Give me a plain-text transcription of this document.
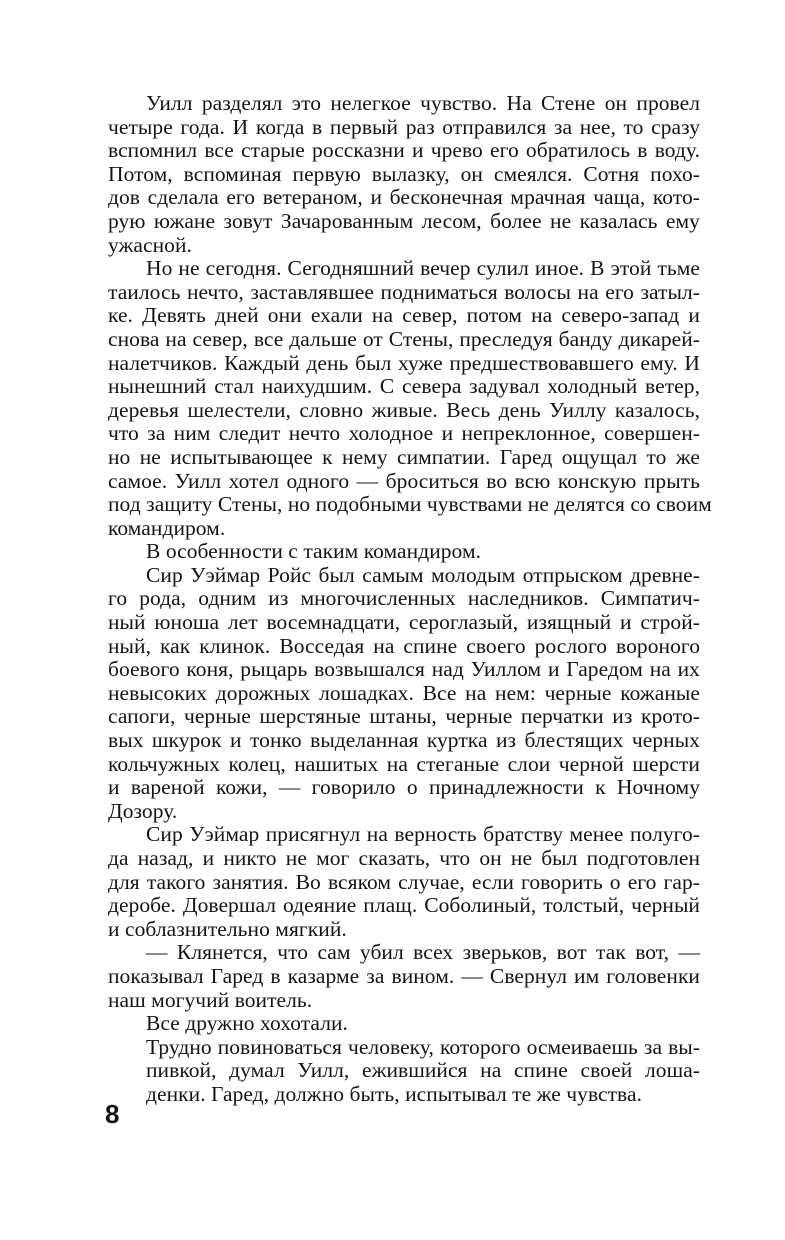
Уилл разделял это нелегкое чувство. На Стене он провел
четыре года. И когда в первый раз отправился за нее, то сразу
вспомнил все старые россказни и чрево его обратилось в воду.
Потом, вспоминая первую вылазку, он смеялся. Сотня похо-
дов сделала его ветераном, и бесконечная мрачная чаща, кото-
рую южане зовут Зачарованным лесом, более не казалась ему
ужасной.
Но не сегодня. Сегодняшний вечер сулил иное. В этой тьме
таилось нечто, заставлявшее подниматься волосы на его затыл-
ке. Девять дней они ехали на север, потом на северо-запад и
снова на север, все дальше от Стены, преследуя банду дикарей-
налетчиков. Каждый день был хуже предшествовавшего ему. И
нынешний стал наихудшим. С севера задувал холодный ветер,
деревья шелестели, словно живые. Весь день Уиллу казалось,
что за ним следит нечто холодное и непреклонное, совершен-
но не испытывающее к нему симпатии. Гаред ощущал то же
самое. Уилл хотел одного — броситься во всю конскую прыть
под защиту Стены, но подобными чувствами не делятся со своим
командиром.
В особенности с таким командиром.
Сир Уэймар Ройс был самым молодым отпрыском древне-
го рода, одним из многочисленных наследников. Симпатич-
ный юноша лет восемнадцати, сероглазый, изящный и строй-
ный, как клинок. Восседая на спине своего рослого вороного
боевого коня, рыцарь возвышался над Уиллом и Гаредом на их
невысоких дорожных лошадках. Все на нем: черные кожаные
сапоги, черные шерстяные штаны, черные перчатки из крото-
вых шкурок и тонко выделанная куртка из блестящих черных
кольчужных колец, нашитых на стеганые слои черной шерсти
и вареной кожи, — говорило о принадлежности к Ночному
Дозору.
Сир Уэймар присягнул на верность братству менее полуго-
да назад, и никто не мог сказать, что он не был подготовлен
для такого занятия. Во всяком случае, если говорить о его гар-
деробе. Довершал одеяние плащ. Соболиный, толстый, черный
и соблазнительно мягкий.
— Клянется, что сам убил всех зверьков, вот так вот, —
показывал Гаред в казарме за вином. — Свернул им головенки
наш могучий воитель.
Все дружно хохотали.
Трудно повиноваться человеку, которого осмеиваешь за вы-
пивкой, думал Уилл, ежившийся на спине своей лоша-
денки. Гаред, должно быть, испытывал те же чувства.
8
